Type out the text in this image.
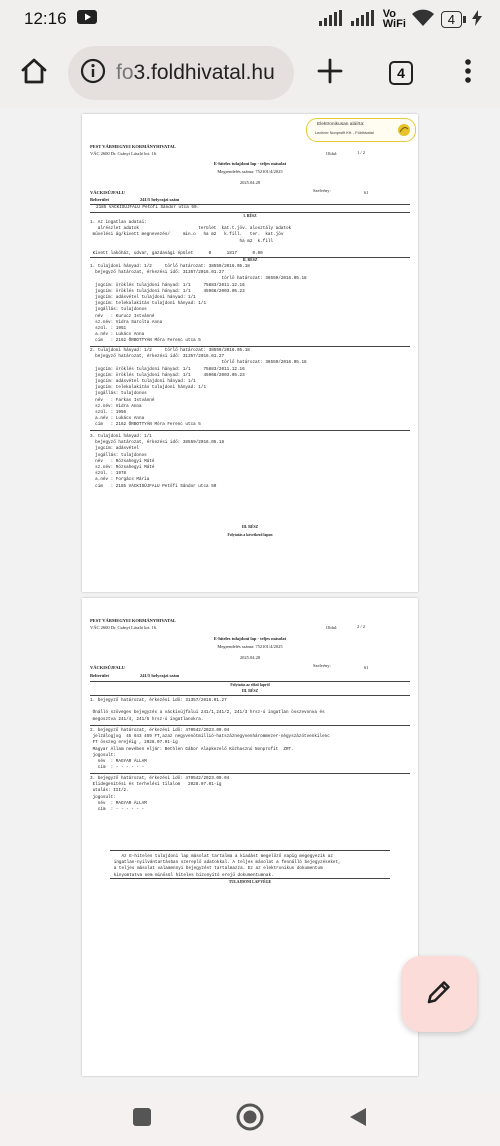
12:16	Vo WiFi	4
4
fo3.foldhivatal.hu
Elektronikusan aláírta:
Lechner Nonprofit Kft. - Földhivatal
PEST VÁRMEGYEI KORMÁNYHIVATAL
VÁC 2600 Dr. Csányi László krt. 16.	Oldal:	1 / 2
E-hiteles tulajdoni lap - teljes másolat
Megrendelés száma: 752101/4/2025
2025.04.28
VÁCKISÚJFALU	Szelvény:	61
Belterület	241/5 helyrajzi szám
2185 VÁCKISÚJFALU Petőfi Sándor utca 50.
I. RÉSZ
1. Az ingatlan adatai:
alrészlet adatok                       terület  kat.t.jöv. alosztály adatok
művelési ág/kivett megnevezés/     min.o   ha m2   k.fill.   ter.  kat.jöv
ha m2  k.fill
Kivett lakóház, udvar, gazdasági épület      0      1817      0.00
II. RÉSZ
1. tulajdoni hányad: 1/2     törlő határozat: 38559/2016.05.18
bejegyző határozat, érkezési idő: 31357/2016.01.27
törlő határozat: 38559/2016.05.18
jogcím: öröklés tulajdoni hányad: 1/1     75883/2011.12.16
jogcím: öröklés tulajdoni hányad: 1/1     45968/2003.05.23
jogcím: adásvétel tulajdoni hányad: 1/1
jogcím: telekalakítás tulajdoni hányad: 1/1
jogállás: tulajdonos
név   : Kurucz Istvánné
sz.név: Vidra Sarolta Anna
szül. : 1951
a.név : Lukács Anna
cím   : 2162 ŐRBOTTYÁN Móra Ferenc utca 5
2. tulajdoni hányad: 1/2     törlő határozat: 38559/2016.05.18
bejegyző határozat, érkezési idő: 31357/2016.01.27
törlő határozat: 38559/2016.05.18
jogcím: öröklés tulajdoni hányad: 1/1     75883/2011.12.16
jogcím: öröklés tulajdoni hányad: 1/1     45968/2003.05.23
jogcím: adásvétel tulajdoni hányad: 1/1
jogcím: telekalakítás tulajdoni hányad: 1/1
jogállás: tulajdonos
név   : Farkas Istvánné
sz.név: Vidra Anna
szül. : 1956
a.név : Lukács Anna
cím   : 2162 ŐRBOTTYÁN Móra Ferenc utca 5
3. tulajdoni hányad: 1/1
bejegyző határozat, érkezési idő: 38559/2016.05.18
jogcím: adásvétel
jogállás: tulajdonos
név   : Rózsahegyi Máté
sz.név: Rózsahegyi Máté
szül. : 1978
a.név : Forgács Mária
cím   : 2185 VÁCKISÚJFALU Petőfi Sándor utca 50
III. RÉSZ
Folytatás a következő lapon
PEST VÁRMEGYEI KORMÁNYHIVATAL
VÁC 2600 Dr. Csányi László krt. 16.	Oldal:	2 / 2
E-hiteles tulajdoni lap - teljes másolat
Megrendelés száma: 752101/4/2025
2025.04.28
VÁCKISÚJFALU	Szelvény:	61
Belterület	241/5 helyrajzi szám
Folytatás az előző lapról
III. RÉSZ
1. bejegyző határozat, érkezési idő: 31357/2016.01.27

Önálló szöveges bejegyzés a váckisújfalui 241/1,241/2, 241/3 hrsz-ú ingatlan összevonva és
megosztva 241/4, 241/5 hrsz-ú ingatlanokra.
2. bejegyző határozat, érkezési idő: 470542/2023.09.04
jelzálogjog  45 643 459 FT,azaz negyvenötmillió-hatszáznegyvenhárommezer-négyszázötvenkilenc
FT összeg erejéig , 2028.07.01-ig
Magyar Állam nevében eljár: Bethlen Gábor Alapkezelő Közhasznú Nonprofit  ZRT.
jogosult:
név  : MAGYAR ÁLLAM
cím  : - - - - - -
3. bejegyző határozat, érkezési idő: 470542/2023.09.04
Elidegenítési és terhelési tilalom   2028.07.01-ig
utalás: III/2.
jogosult:
név  : MAGYAR ÁLLAM
cím  : - - - - - -
Az E-hiteles tulajdoni lap másolat tartalma a kiadást megelőző napig megegyezik az
ingatlan-nyilvántartásban szereplő adatokkal. A teljes másolat a fennálló bejegyzéseket,
a teljes másolat valamennyi bejegyzést tartalmazza. Ez az elektronikus dokumentum
kinyomtatva nem minősül hiteles bizonyító erejű dokumentumnak.
TULAJDONI LAP VÉGE
